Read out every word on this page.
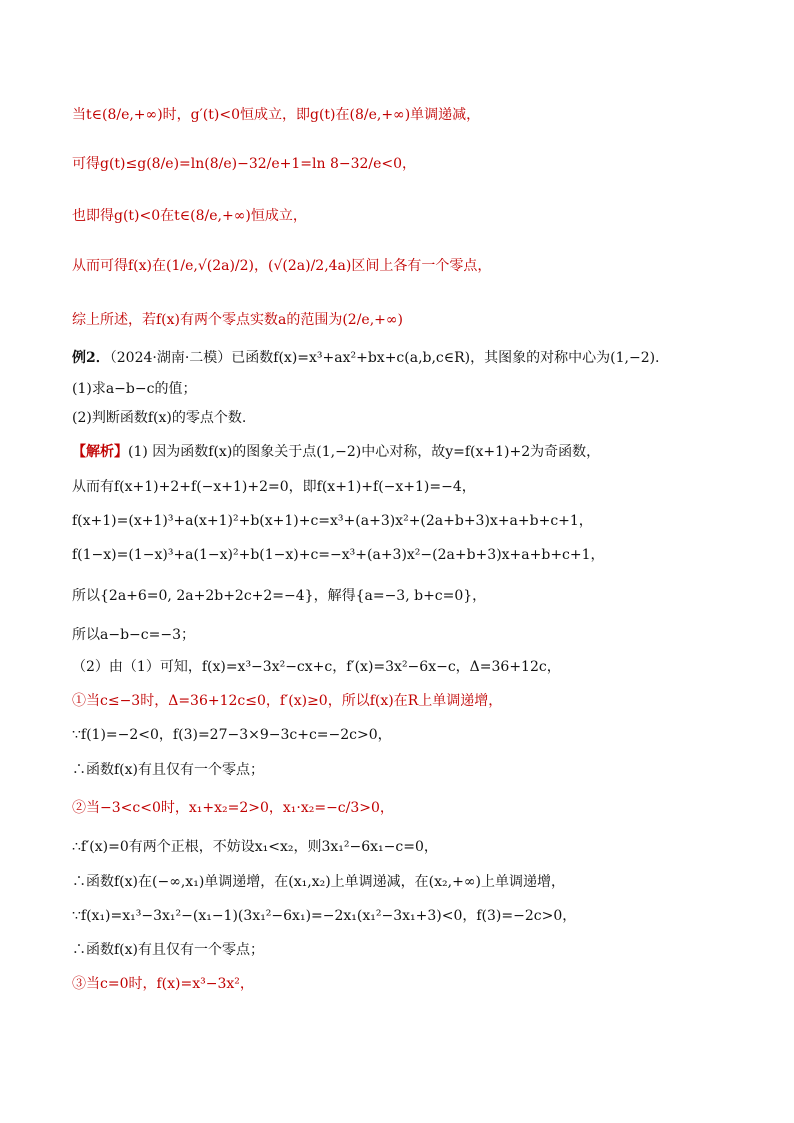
当t∈(8/e,+∞)时，g′(t)<0恒成立，即g(t)在(8/e,+∞)单调递减，
可得g(t)≤g(8/e)=ln(8/e)−32/e+1=ln 8−32/e<0，
也即得g(t)<0在t∈(8/e,+∞)恒成立，
从而可得f(x)在(1/e,√(2a)/2)，(√(2a)/2,4a)区间上各有一个零点，
综上所述，若f(x)有两个零点实数a的范围为(2/e,+∞)
例2．（2024·湖南·二模）已函数f(x)=x³+ax²+bx+c(a,b,c∈R)，其图象的对称中心为(1,−2).
(1)求a−b−c的值；
(2)判断函数f(x)的零点个数.
【解析】(1) 因为函数f(x)的图象关于点(1,−2)中心对称，故y=f(x+1)+2为奇函数，
从而有f(x+1)+2+f(−x+1)+2=0，即f(x+1)+f(−x+1)=−4，
f(x+1)=(x+1)³+a(x+1)²+b(x+1)+c=x³+(a+3)x²+(2a+b+3)x+a+b+c+1，
f(1−x)=(1−x)³+a(1−x)²+b(1−x)+c=−x³+(a+3)x²−(2a+b+3)x+a+b+c+1，
所以{2a+6=0, 2a+2b+2c+2=−4}，解得{a=−3, b+c=0}，
所以a−b−c=−3；
（2）由（1）可知，f(x)=x³−3x²−cx+c，f′(x)=3x²−6x−c，Δ=36+12c，
①当c≤−3时，Δ=36+12c≤0，f′(x)≥0，所以f(x)在R上单调递增，
∵f(1)=−2<0，f(3)=27−3×9−3c+c=−2c>0，
∴函数f(x)有且仅有一个零点；
②当−3<c<0时，x₁+x₂=2>0，x₁·x₂=−c/3>0，
∴f′(x)=0有两个正根，不妨设x₁<x₂，则3x₁²−6x₁−c=0，
∴函数f(x)在(−∞,x₁)单调递增，在(x₁,x₂)上单调递减，在(x₂,+∞)上单调递增，
∵f(x₁)=x₁³−3x₁²−(x₁−1)(3x₁²−6x₁)=−2x₁(x₁²−3x₁+3)<0，f(3)=−2c>0，
∴函数f(x)有且仅有一个零点；
③当c=0时，f(x)=x³−3x²，
